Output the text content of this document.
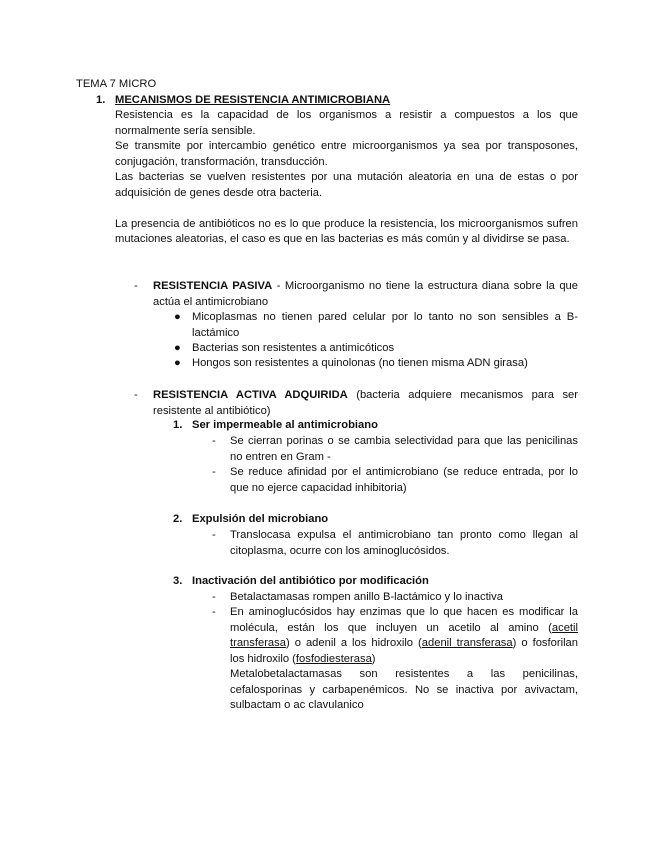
TEMA 7 MICRO
1. MECANISMOS DE RESISTENCIA ANTIMICROBIANA

Resistencia es la capacidad de los organismos a resistir a compuestos a los que normalmente sería sensible.

Se transmite por intercambio genético entre microorganismos ya sea por transposones, conjugación, transformación, transducción.

Las bacterias se vuelven resistentes por una mutación aleatoria en una de estas o por adquisición de genes desde otra bacteria.

La presencia de antibióticos no es lo que produce la resistencia, los microorganismos sufren mutaciones aleatorias, el caso es que en las bacterias es más común y al dividirse se pasa.

- RESISTENCIA PASIVA - Microorganismo no tiene la estructura diana sobre la que actúa el antimicrobiano
● Micoplasmas no tienen pared celular por lo tanto no son sensibles a B-lactámico
● Bacterias son resistentes a antimicóticos
● Hongos son resistentes a quinolonas (no tienen misma ADN girasa)
- RESISTENCIA ACTIVA ADQUIRIDA (bacteria adquiere mecanismos para ser resistente al antibiótico)
1. Ser impermeable al antimicrobiano
- Se cierran porinas o se cambia selectividad para que las penicilinas no entren en Gram -
- Se reduce afinidad por el antimicrobiano (se reduce entrada, por lo que no ejerce capacidad inhibitoria)
2. Expulsión del microbiano
- Translocasa expulsa el antimicrobiano tan pronto como llegan al citoplasma, ocurre con los aminoglucósidos.
3. Inactivación del antibiótico por modificación
- Betalactamasas rompen anillo B-lactámico y lo inactiva
- En aminoglucósidos hay enzimas que lo que hacen es modificar la molécula, están los que incluyen un acetilo al amino (acetil transferasa) o adenil a los hidroxilo (adenil transferasa) o fosforilan los hidroxilo (fosfodiesterasa)

Metalobetalactamasas son resistentes a las penicilinas, cefalosporinas y carbapenémicos. No se inactiva por avivactam, sulbactam o ac clavulanico
